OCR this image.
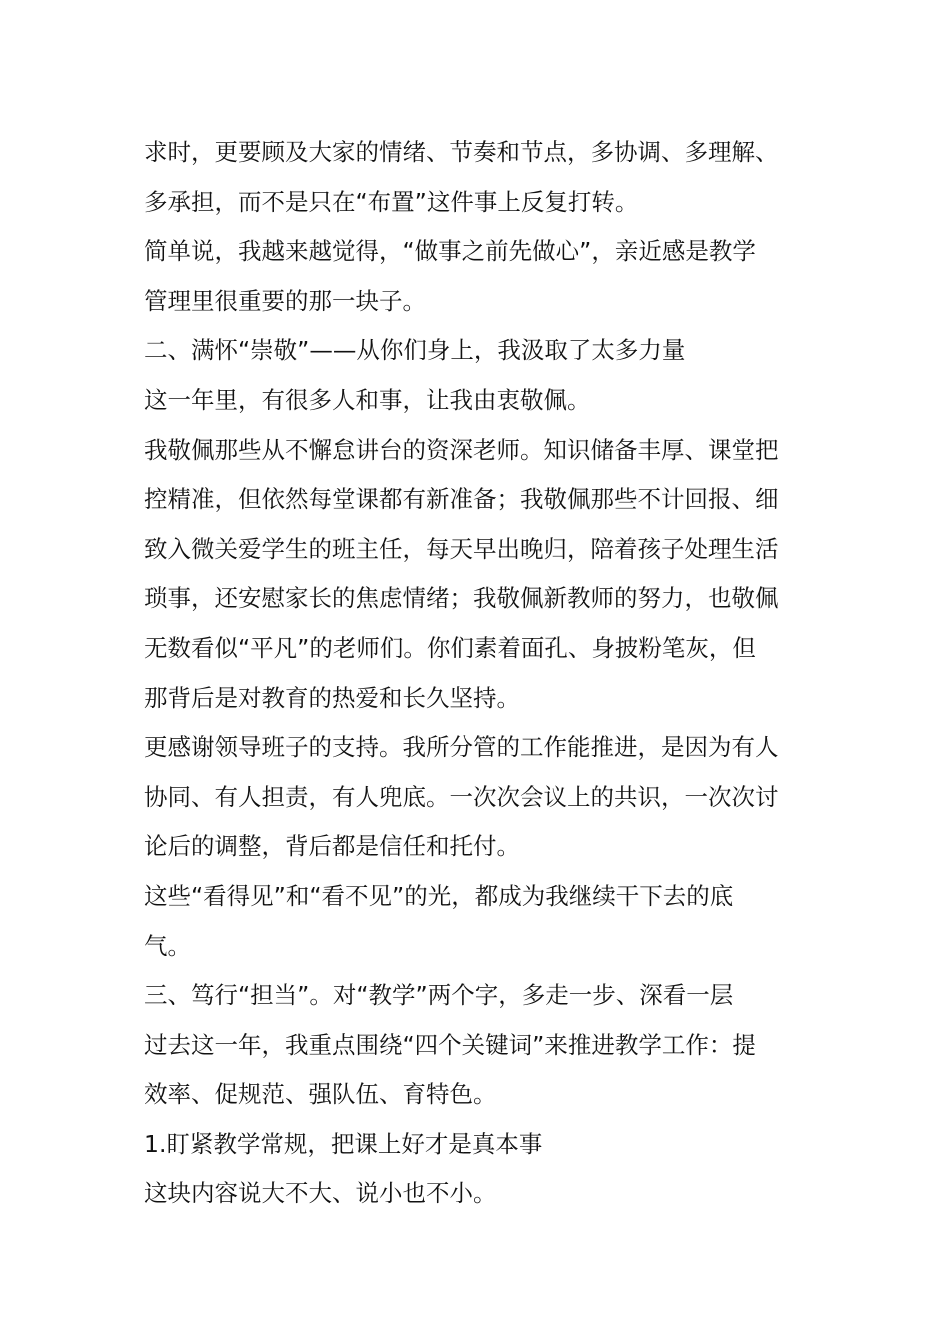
求时，更要顾及大家的情绪、节奏和节点，多协调、多理解、
多承担，而不是只在“布置”这件事上反复打转。
简单说，我越来越觉得，“做事之前先做心”，亲近感是教学
管理里很重要的那一块子。
二、满怀“崇敬”——从你们身上，我汲取了太多力量
这一年里，有很多人和事，让我由衷敬佩。
我敬佩那些从不懈怠讲台的资深老师。知识储备丰厚、课堂把
控精准，但依然每堂课都有新准备；我敬佩那些不计回报、细
致入微关爱学生的班主任，每天早出晚归，陪着孩子处理生活
琐事，还安慰家长的焦虑情绪；我敬佩新教师的努力，也敬佩
无数看似“平凡”的老师们。你们素着面孔、身披粉笔灰，但
那背后是对教育的热爱和长久坚持。
更感谢领导班子的支持。我所分管的工作能推进，是因为有人
协同、有人担责，有人兜底。一次次会议上的共识，一次次讨
论后的调整，背后都是信任和托付。
这些“看得见”和“看不见”的光，都成为我继续干下去的底
气。
三、笃行“担当”。对“教学”两个字，多走一步、深看一层
过去这一年，我重点围绕“四个关键词”来推进教学工作：提
效率、促规范、强队伍、育特色。
1.盯紧教学常规，把课上好才是真本事
这块内容说大不大、说小也不小。
